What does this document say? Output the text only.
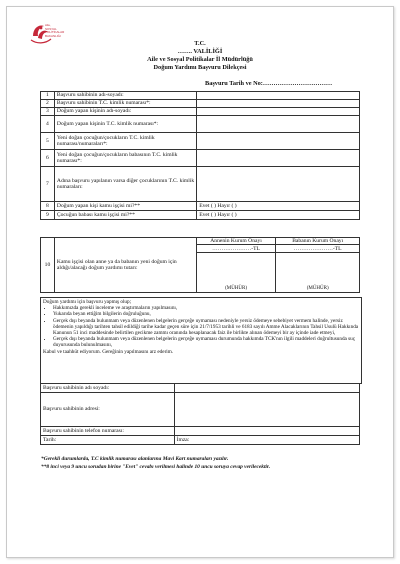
Aile,
SOSYAL POLİTİKALAR
BAKANLIĞI
T.C.
……. VALİLİĞİ
Aile ve Sosyal Politikalar İl Müdürlüğü
Doğum Yardımı Başvuru Dilekçesi
Başvuru Tarih ve No:……………………………
1	Başvuru sahibinin adı-soyadı:	
2	Başvuru sahibinin T.C. kimlik numarası*:	
3	Doğum yapan kişinin adı-soyadı:	
4	Doğum yapan kişinin T.C. kimlik numarası*:	
5	Yeni doğan çocuğun/çocukların T.C. kimlik numarası/numaraları*:	
6	Yeni doğan çocuğun/çocukların babasının T.C. kimlik numarası*:	
7	Adına başvuru yapılanın varsa diğer çocuklarının T.C. kimlik numaraları:	
8	Doğum yapan kişi kamu işçisi mi?**	Evet ( ) Hayır ( )
9	Çocuğun babası kamu işçisi mi?**	Evet ( ) Hayır ( )
10	Kamu işçisi olan anne ya da babanın yeni doğum için aldığı/alacağı doğum yardımı tutarı:	Annenin Kurum Onayı	Babanın Kurum Onayı
		…………………-TL	…………………-TL
		(MÜHÜR)	(MÜHÜR)
Doğum yardımı için başvuru yapmış olup;
• Hakkımızda gerekli inceleme ve araştırmaların yapılmasını,
• Yukarıda beyan ettiğim bilgilerin doğruluğunu,
• Gerçek dışı beyanda bulunmam veya düzenlenen belgelerin gerçeğe uymaması nedeniyle yersiz ödemeye sebebiyet vermem halinde, yersiz ödemenin yapıldığı tarihten tahsil edildiği tarihe kadar geçen süre için 21/7/1953 tarihli ve 6183 sayılı Amme Alacaklarının Tahsil Usulü Hakkında Kanunun 51 inci maddesinde belirtilen gecikme zammı oranında hesaplanacak faiz ile birlikte alınan ödemeyi bir ay içinde iade etmeyi,
• Gerçek dışı beyanda bulunmam veya düzenlenen belgelerin gerçeğe uymaması durumunda hakkımda TCK'nın ilgili maddeleri doğrultusunda suç duyurusunda bulunulmasını,
Kabul ve taahhüt ediyorum. Gereğinin yapılmasını arz ederim.
Başvuru sahibinin adı soyadı:	
Başvuru sahibinin adresi:	
Başvuru sahibinin telefon numarası:	
Tarih:	İmza:
*Gerekli durumlarda, T.C kimlik numarası alanlarına Mavi Kart numaraları yazılır.
**8 inci veya 9 uncu sorudan birine "Evet" cevabı verilmesi halinde 10 uncu soruya cevap verilecektir.
